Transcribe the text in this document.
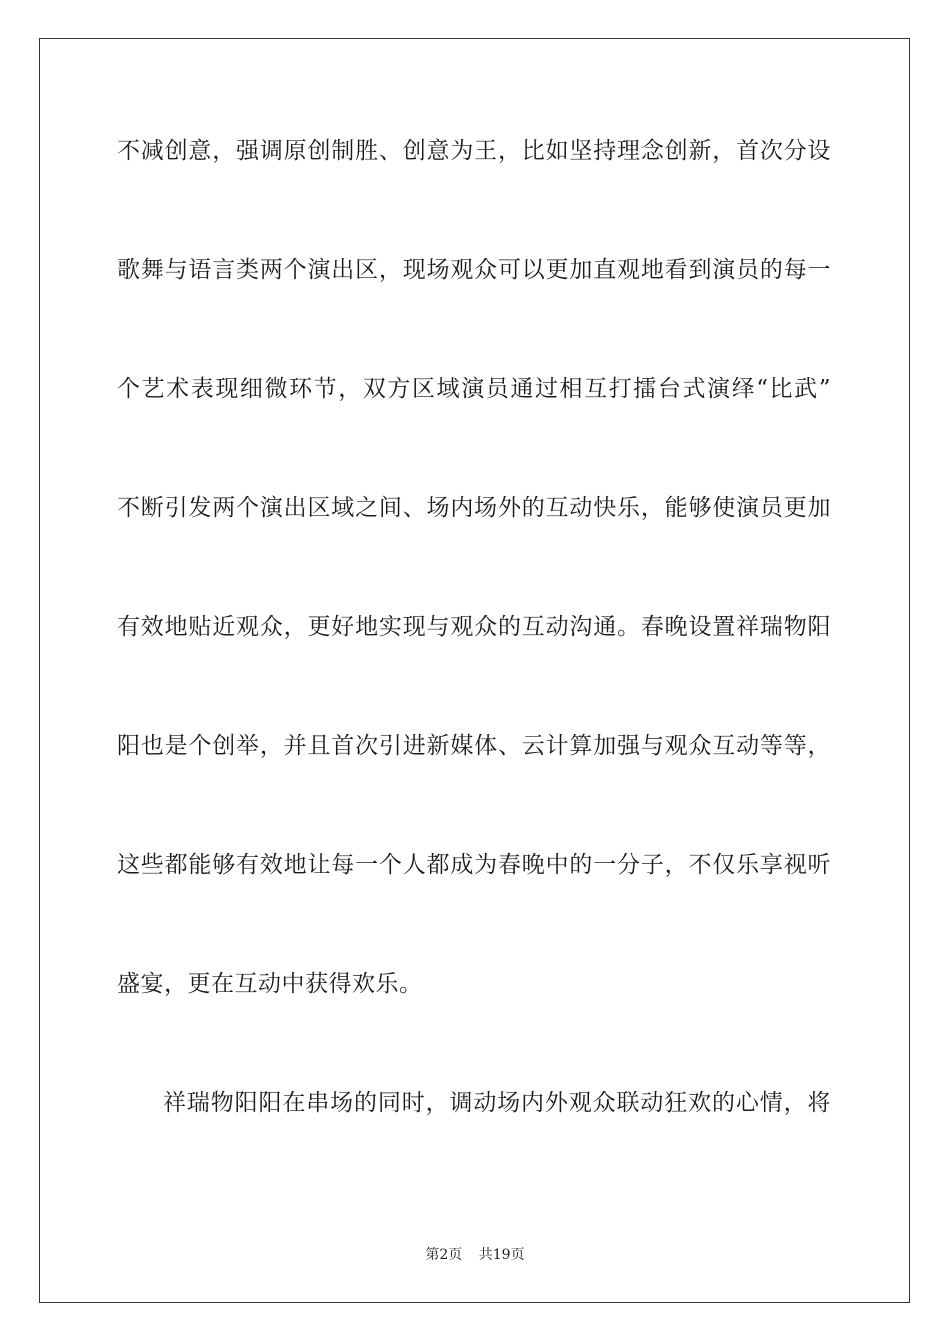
不减创意，强调原创制胜、创意为王，比如坚持理念创新，首次分设
歌舞与语言类两个演出区，现场观众可以更加直观地看到演员的每一
个艺术表现细微环节，双方区域演员通过相互打擂台式演绎“比武”
不断引发两个演出区域之间、场内场外的互动快乐，能够使演员更加
有效地贴近观众，更好地实现与观众的互动沟通。春晚设置祥瑞物阳
阳也是个创举，并且首次引进新媒体、云计算加强与观众互动等等，
这些都能够有效地让每一个人都成为春晚中的一分子，不仅乐享视听
盛宴，更在互动中获得欢乐。
祥瑞物阳阳在串场的同时，调动场内外观众联动狂欢的心情，将
第2页 共19页
